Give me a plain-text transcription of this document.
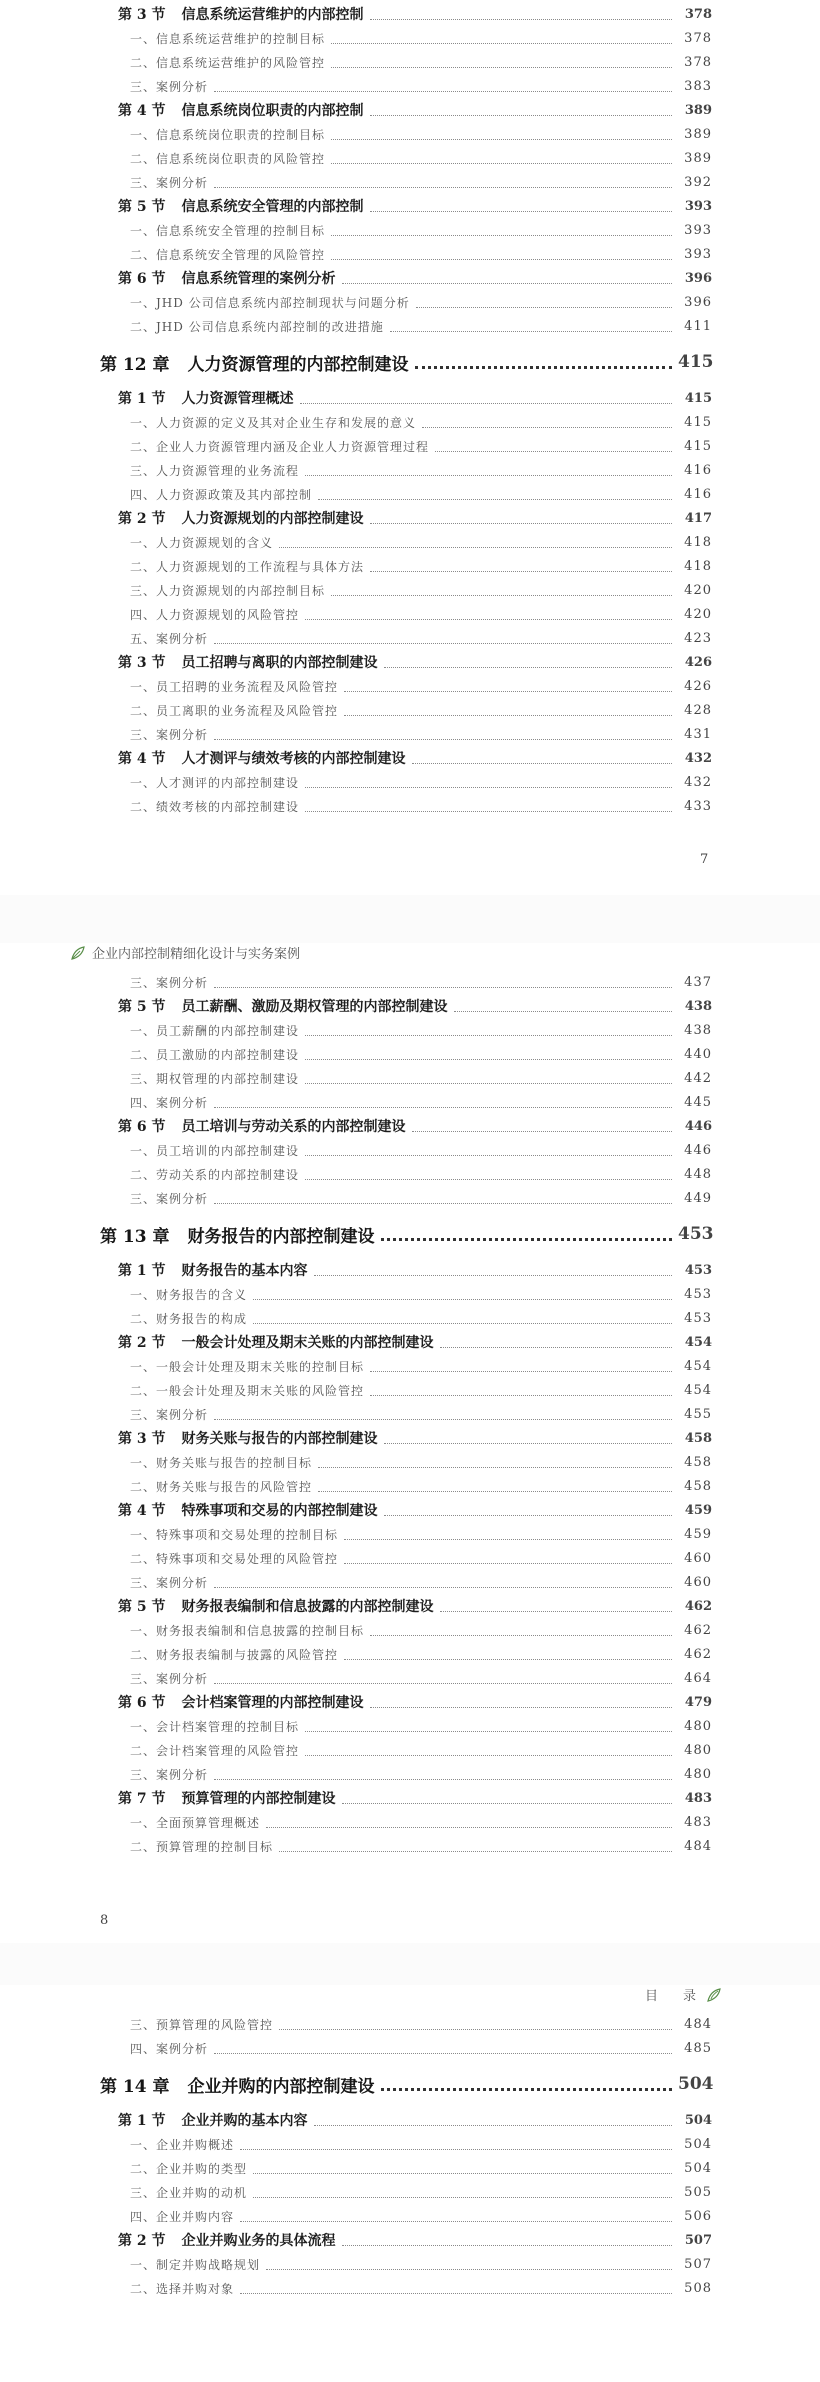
第 3 节 信息系统运营维护的内部控制	378
一、信息系统运营维护的控制目标	378
二、信息系统运营维护的风险管控	378
三、案例分析	383
第 4 节 信息系统岗位职责的内部控制	389
一、信息系统岗位职责的控制目标	389
二、信息系统岗位职责的风险管控	389
三、案例分析	392
第 5 节 信息系统安全管理的内部控制	393
一、信息系统安全管理的控制目标	393
二、信息系统安全管理的风险管控	393
第 6 节 信息系统管理的案例分析	396
一、JHD 公司信息系统内部控制现状与问题分析	396
二、JHD 公司信息系统内部控制的改进措施	411
第 12 章 人力资源管理的内部控制建设	415
第 1 节 人力资源管理概述	415
一、人力资源的定义及其对企业生存和发展的意义	415
二、企业人力资源管理内涵及企业人力资源管理过程	415
三、人力资源管理的业务流程	416
四、人力资源政策及其内部控制	416
第 2 节 人力资源规划的内部控制建设	417
一、人力资源规划的含义	418
二、人力资源规划的工作流程与具体方法	418
三、人力资源规划的内部控制目标	420
四、人力资源规划的风险管控	420
五、案例分析	423
第 3 节 员工招聘与离职的内部控制建设	426
一、员工招聘的业务流程及风险管控	426
二、员工离职的业务流程及风险管控	428
三、案例分析	431
第 4 节 人才测评与绩效考核的内部控制建设	432
一、人才测评的内部控制建设	432
二、绩效考核的内部控制建设	433
7
企业内部控制精细化设计与实务案例
三、案例分析	437
第 5 节 员工薪酬、激励及期权管理的内部控制建设	438
一、员工薪酬的内部控制建设	438
二、员工激励的内部控制建设	440
三、期权管理的内部控制建设	442
四、案例分析	445
第 6 节 员工培训与劳动关系的内部控制建设	446
一、员工培训的内部控制建设	446
二、劳动关系的内部控制建设	448
三、案例分析	449
第 13 章 财务报告的内部控制建设	453
第 1 节 财务报告的基本内容	453
一、财务报告的含义	453
二、财务报告的构成	453
第 2 节 一般会计处理及期末关账的内部控制建设	454
一、一般会计处理及期末关账的控制目标	454
二、一般会计处理及期末关账的风险管控	454
三、案例分析	455
第 3 节 财务关账与报告的内部控制建设	458
一、财务关账与报告的控制目标	458
二、财务关账与报告的风险管控	458
第 4 节 特殊事项和交易的内部控制建设	459
一、特殊事项和交易处理的控制目标	459
二、特殊事项和交易处理的风险管控	460
三、案例分析	460
第 5 节 财务报表编制和信息披露的内部控制建设	462
一、财务报表编制和信息披露的控制目标	462
二、财务报表编制与披露的风险管控	462
三、案例分析	464
第 6 节 会计档案管理的内部控制建设	479
一、会计档案管理的控制目标	480
二、会计档案管理的风险管控	480
三、案例分析	480
第 7 节 预算管理的内部控制建设	483
一、全面预算管理概述	483
二、预算管理的控制目标	484
8
目　录
三、预算管理的风险管控	484
四、案例分析	485
第 14 章 企业并购的内部控制建设	504
第 1 节 企业并购的基本内容	504
一、企业并购概述	504
二、企业并购的类型	504
三、企业并购的动机	505
四、企业并购内容	506
第 2 节 企业并购业务的具体流程	507
一、制定并购战略规划	507
二、选择并购对象	508
